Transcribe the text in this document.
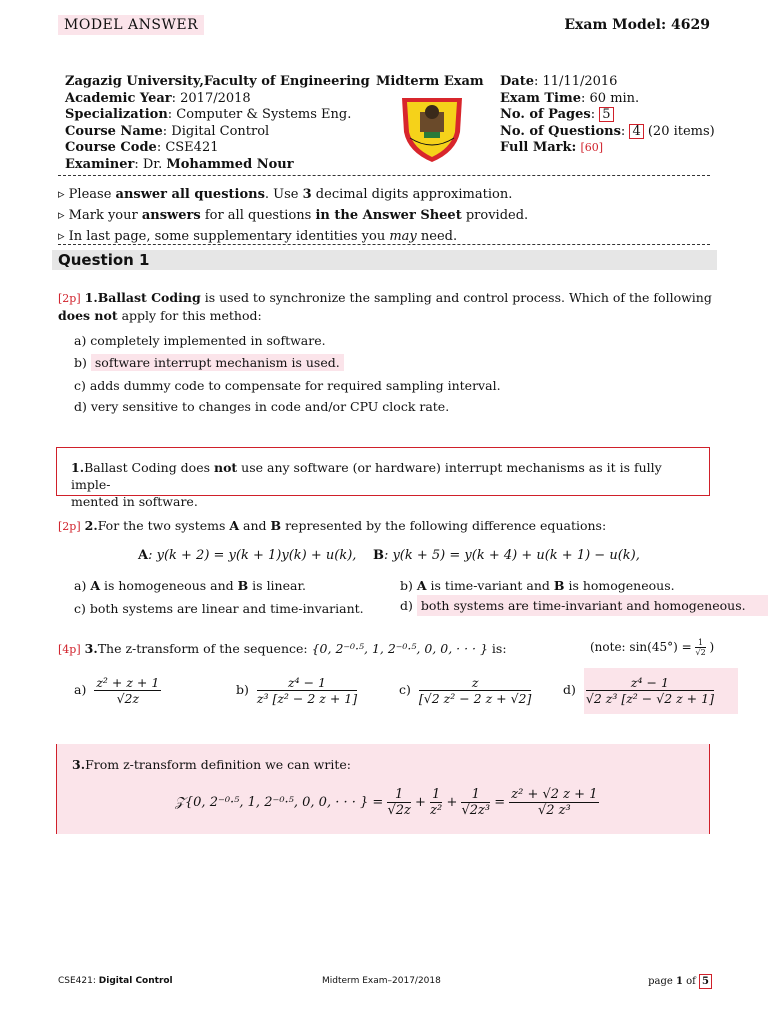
MODEL ANSWER	Exam Model: 4629
Zagazig University,Faculty of Engineering
Academic Year: 2017/2018
Specialization: Computer & Systems Eng.
Course Name: Digital Control
Course Code: CSE421
Examiner: Dr. Mohammed Nour
Midterm Exam Date: 11/11/2016
Exam Time: 60 min.
No. of Pages: 5
No. of Questions: 4 (20 items)
Full Mark: [60]
▹ Please answer all questions. Use 3 decimal digits approximation.
▹ Mark your answers for all questions in the Answer Sheet provided.
▹ In last page, some supplementary identities you may need.
Question 1
[2p] 1.Ballast Coding is used to synchronize the sampling and control process. Which of the following
does not apply for this method:
a) completely implemented in software.
b) software interrupt mechanism is used.
c) adds dummy code to compensate for required sampling interval.
d) very sensitive to changes in code and/or CPU clock rate.
1.Ballast Coding does not use any software (or hardware) interrupt mechanisms as it is fully imple-
mented in software.
[2p] 2.For the two systems A and B represented by the following difference equations:
A: y(k + 2) = y(k + 1)y(k) + u(k), B: y(k + 5) = y(k + 4) + u(k + 1) − u(k),
a) A is homogeneous and B is linear.	b) A is time-variant and B is homogeneous.
c) both systems are linear and time-invariant.	d) both systems are time-invariant and homogeneous.
[4p] 3.The z-transform of the sequence: {0, 2⁻⁰·⁵, 1, 2⁻⁰·⁵, 0, 0, · · · } is:	(note: $\sin(45^\circ) = \frac{1}{√2}$ )
$a) \frac{\text{z² + z + 1}}{√2z}$	$b) \frac{\text{z⁴ − 1}}{\text{z³ [z² − 2 z + 1]}}$	$c) \frac{z}{\text{[√2 z² − 2 z + √2]}}$	$d) \frac{\text{z⁴ − 1}}{\text{√2 z³ [z² − √2 z + 1]}}$
3.From z-transform definition we can write:
𝒵{0, 2⁻⁰·⁵, 1, 2⁻⁰·⁵, 0, 0, · · · } = $\frac{1}{√2z} + \frac{1}{\text{z²}} + \frac{1}{\text{√2z³}} = \frac{\text{z² + √2 z + 1}}{\text{√2 z³}}$
CSE421: Digital Control	Midterm Exam–2017/2018	page 1 of 5
